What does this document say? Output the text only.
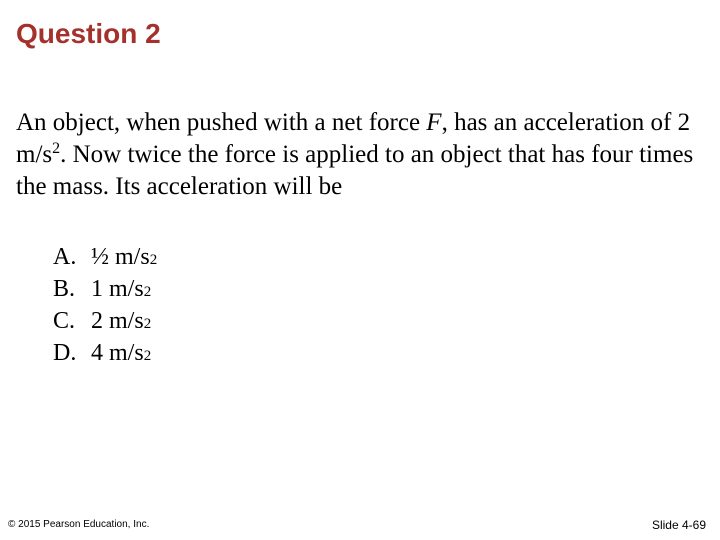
Question 2
An object, when pushed with a net force F, has an acceleration of 2 $m/s^2$. Now twice the force is applied to an object that has four times the mass. Its acceleration will be
A. ½ m/s 2
B. 1 m/s 2
C. 2 m/s 2
D. 4 m/s 2
© 2015 Pearson Education, Inc.	Slide 4-69
